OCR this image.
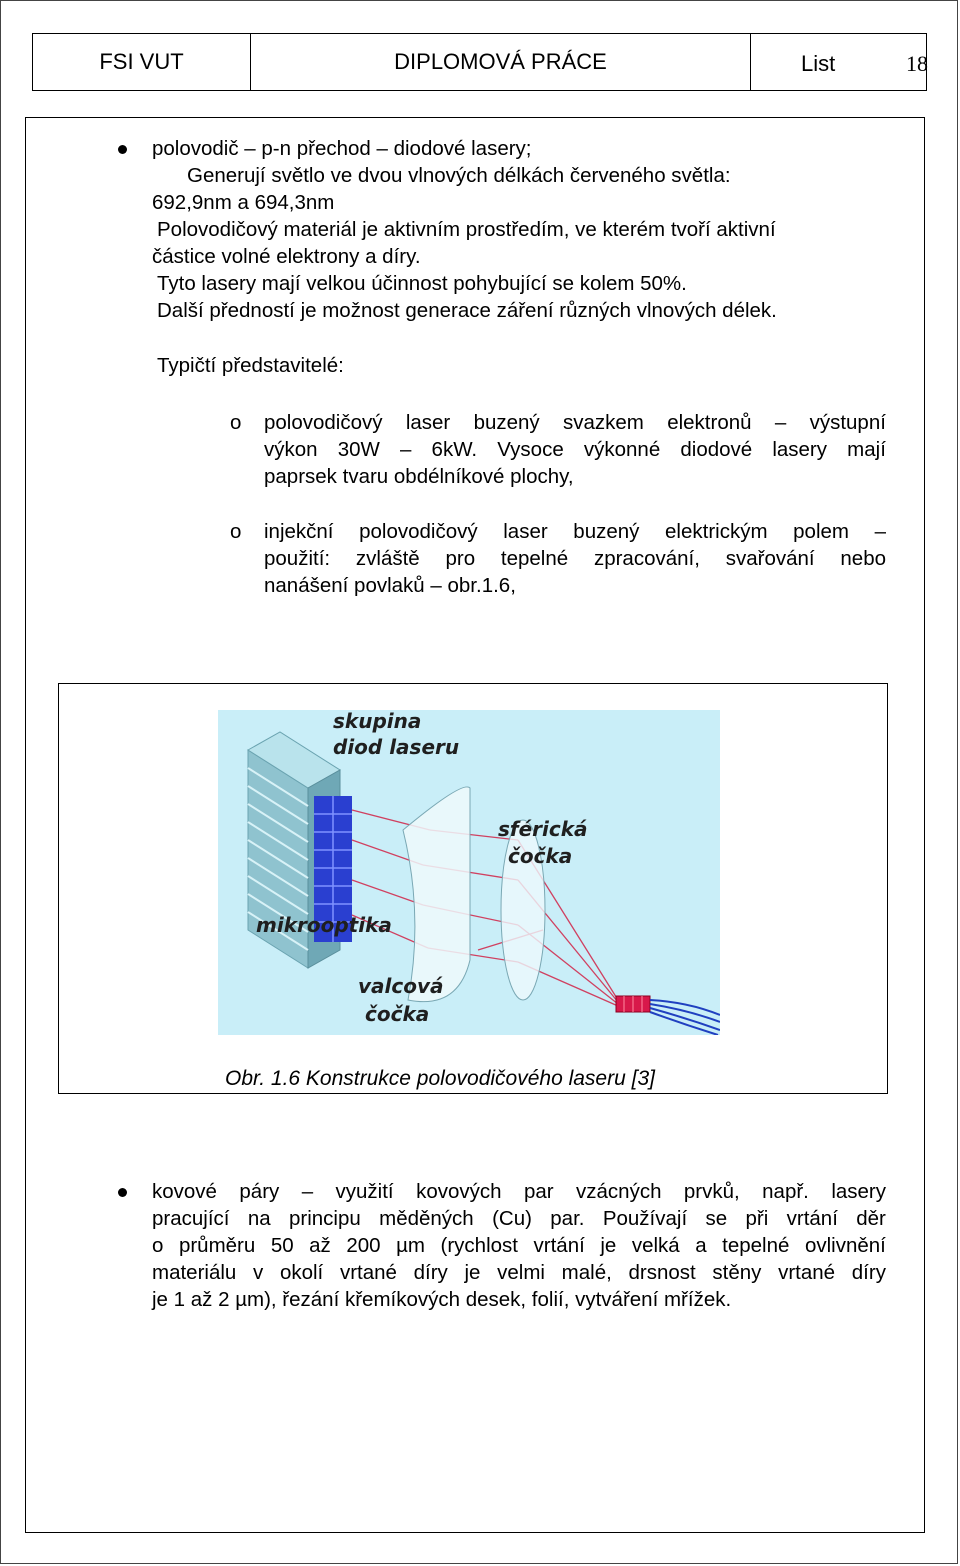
FSI VUT	DIPLOMOVÁ PRÁCE	List	18
polovodič – p-n přechod – diodové lasery;
Generují světlo ve dvou vlnových délkách červeného světla:
692,9nm a 694,3nm
Polovodičový materiál je aktivním prostředím, ve kterém tvoří aktivní
částice volné elektrony a díry.
Tyto lasery mají velkou účinnost pohybující se kolem 50%.
Další předností je možnost generace záření různých vlnových délek.
Typičtí představitelé:
o polovodičový laser buzený svazkem elektronů – výstupní
výkon 30W – 6kW. Vysoce výkonné diodové lasery mají
paprsek tvaru obdélníkové plochy,
o injekční polovodičový laser buzený elektrickým polem –
použití: zvláště pro tepelné zpracování, svařování nebo
nanášení povlaků – obr.1.6,
skupina
diod laseru
sférická
čočka
mikrooptika
valcová
čočka
Obr. 1.6 Konstrukce polovodičového laseru [3]
kovové páry – využití kovových par vzácných prvků, např. lasery
pracující na principu měděných (Cu) par. Používají se při vrtání děr
o průměru 50 až 200 µm (rychlost vrtání je velká a tepelné ovlivnění
materiálu v okolí vrtané díry je velmi malé, drsnost stěny vrtané díry
je 1 až 2 µm), řezání křemíkových desek, folií, vytváření mřížek.
